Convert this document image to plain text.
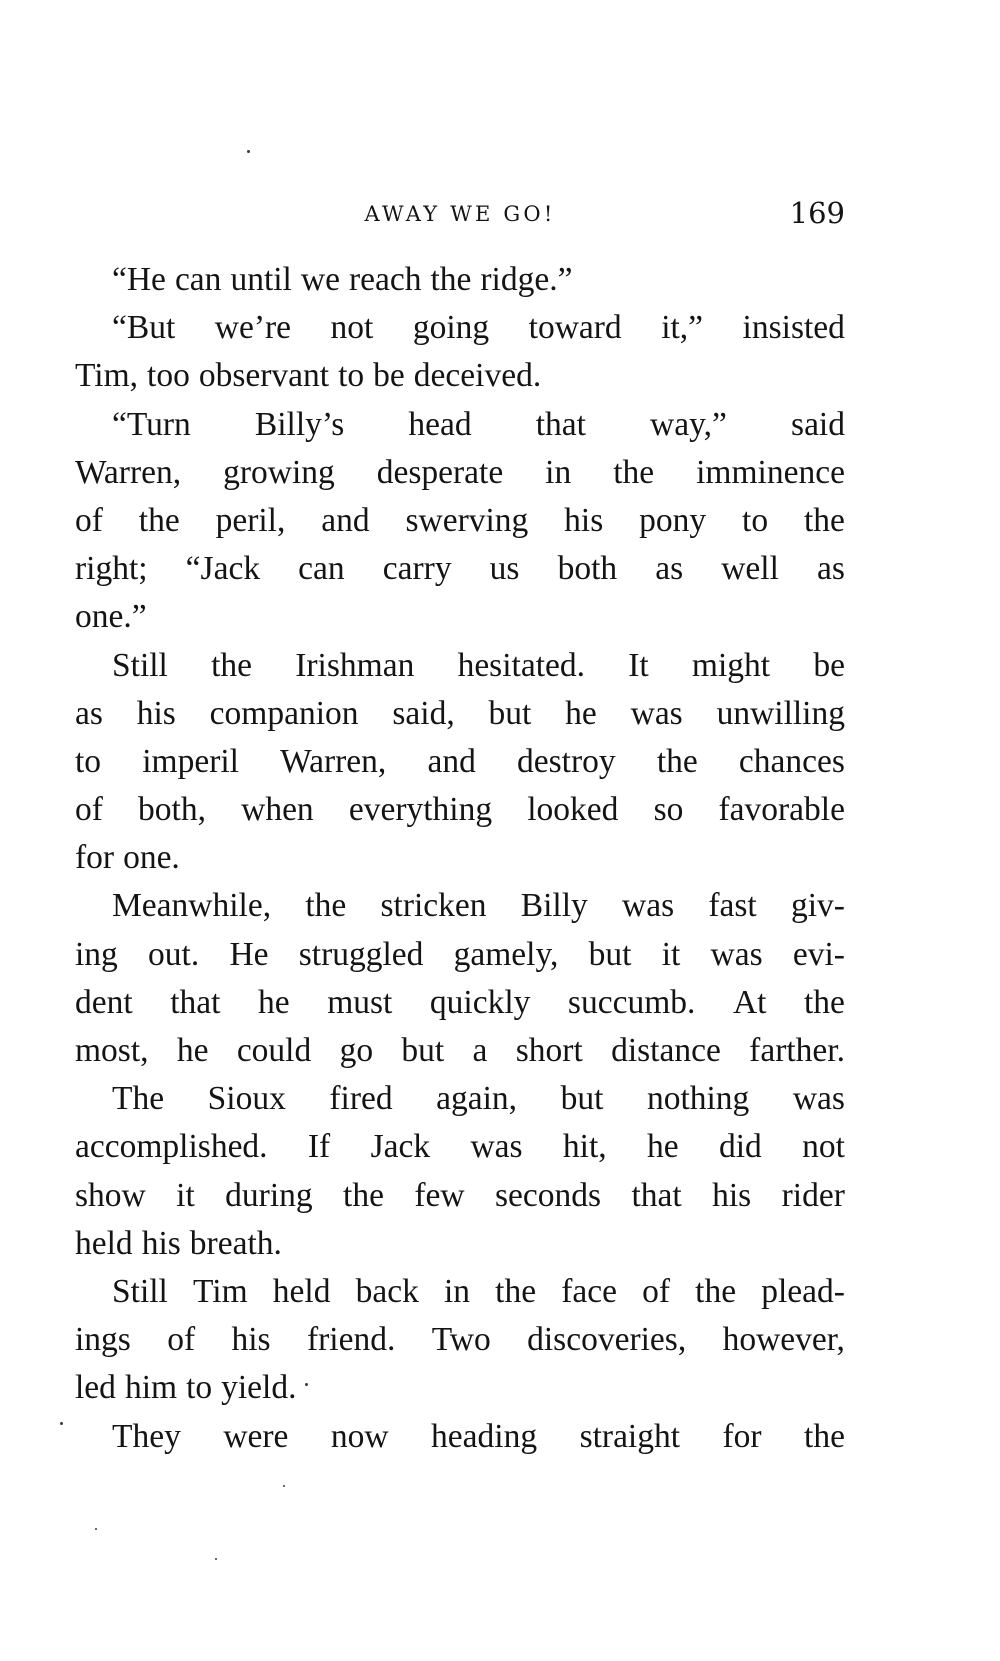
AWAY WE GO!	169
“He can until we reach the ridge.”
“But we’re not going toward it,” insisted
Tim, too observant to be deceived.
“Turn Billy’s head that way,” said
Warren, growing desperate in the imminence
of the peril, and swerving his pony to the
right; “Jack can carry us both as well as
one.”
Still the Irishman hesitated. It might be
as his companion said, but he was unwilling
to imperil Warren, and destroy the chances
of both, when everything looked so favorable
for one.
Meanwhile, the stricken Billy was fast giv-
ing out. He struggled gamely, but it was evi-
dent that he must quickly succumb. At the
most, he could go but a short distance farther.
The Sioux fired again, but nothing was
accomplished. If Jack was hit, he did not
show it during the few seconds that his rider
held his breath.
Still Tim held back in the face of the plead-
ings of his friend. Two discoveries, however,
led him to yield.
They were now heading straight for the
